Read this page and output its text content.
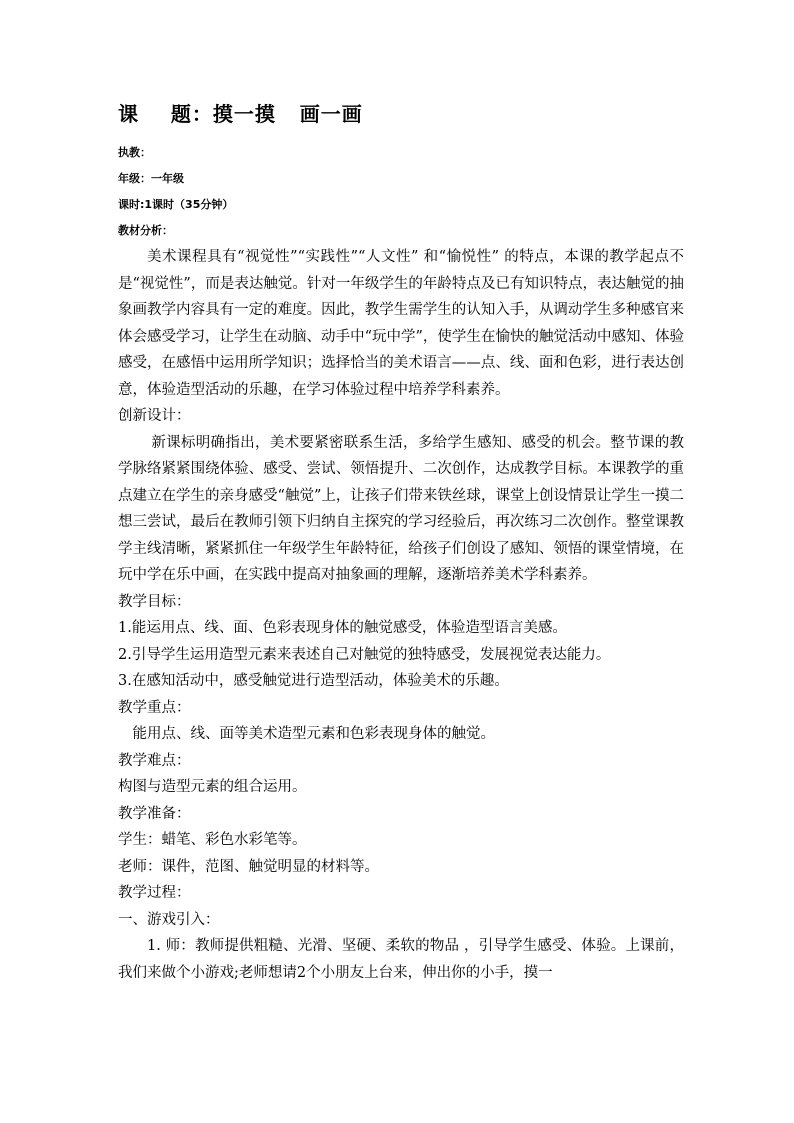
课    题：摸一摸   画一画
执教：
年级：一年级
课时:1课时（35分钟）
教材分析：

美术课程具有“视觉性”“实践性”“人文性” 和“愉悦性” 的特点，本课的教学起点不是“视觉性”，而是表达触觉。针对一年级学生的年龄特点及已有知识特点，表达触觉的抽象画教学内容具有一定的难度。因此，教学生需学生的认知入手，从调动学生多种感官来体会感受学习，让学生在动脑、动手中“玩中学”，使学生在愉快的触觉活动中感知、体验感受，在感悟中运用所学知识；选择恰当的美术语言——点、线、面和色彩，进行表达创意，体验造型活动的乐趣，在学习体验过程中培养学科素养。

创新设计：

新课标明确指出，美术要紧密联系生活，多给学生感知、感受的机会。整节课的教学脉络紧紧围绕体验、感受、尝试、领悟提升、二次创作，达成教学目标。本课教学的重点建立在学生的亲身感受“触觉”上，让孩子们带来铁丝球，课堂上创设情景让学生一摸二想三尝试，最后在教师引领下归纳自主探究的学习经验后，再次练习二次创作。整堂课教学主线清晰，紧紧抓住一年级学生年龄特征，给孩子们创设了感知、领悟的课堂情境，在玩中学在乐中画，在实践中提高对抽象画的理解，逐渐培养美术学科素养。

教学目标：

1.能运用点、线、面、色彩表现身体的触觉感受，体验造型语言美感。

2.引导学生运用造型元素来表述自己对触觉的独特感受，发展视觉表达能力。

3.在感知活动中，感受触觉进行造型活动，体验美术的乐趣。

教学重点：

能用点、线、面等美术造型元素和色彩表现身体的触觉。

教学难点：

构图与造型元素的组合运用。

教学准备：

学生：蜡笔、彩色水彩笔等。

老师：课件，范图、触觉明显的材料等。

教学过程：

一、游戏引入：

1. 师：教师提供粗糙、光滑、坚硬、柔软的物品 ，引导学生感受、体验。上课前，我们来做个小游戏;老师想请2个小朋友上台来，伸出你的小手，摸一
